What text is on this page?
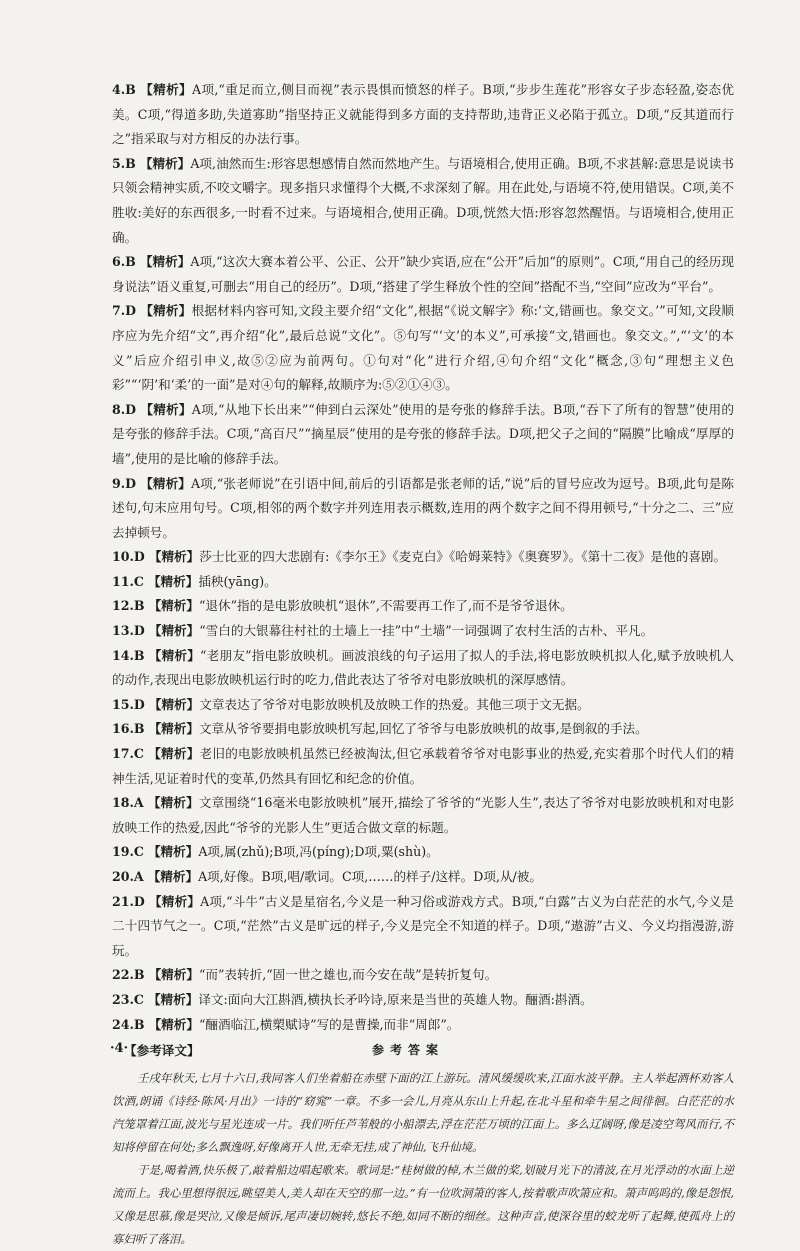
4.B 【精析】A项,“重足而立,侧目而视”表示畏惧而愤怒的样子。B项,“步步生莲花”形容女子步态轻盈,姿态优美。C项,“得道多助,失道寡助”指坚持正义就能得到多方面的支持帮助,违背正义必陷于孤立。D项,“反其道而行之”指采取与对方相反的办法行事。

5.B 【精析】A项,油然而生:形容思想感情自然而然地产生。与语境相合,使用正确。B项,不求甚解:意思是说读书只领会精神实质,不咬文嚼字。现多指只求懂得个大概,不求深刻了解。用在此处,与语境不符,使用错误。C项,美不胜收:美好的东西很多,一时看不过来。与语境相合,使用正确。D项,恍然大悟:形容忽然醒悟。与语境相合,使用正确。

6.B 【精析】A项,“这次大赛本着公平、公正、公开”缺少宾语,应在“公开”后加“的原则”。C项,“用自己的经历现身说法”语义重复,可删去“用自己的经历”。D项,“搭建了学生释放个性的空间”搭配不当,“空间”应改为“平台”。

7.D 【精析】根据材料内容可知,文段主要介绍“文化”,根据“《说文解字》称:‘文,错画也。象交文。’”可知,文段顺序应为先介绍“文”,再介绍“化”,最后总说“文化”。⑤句写“‘文’的本义”,可承接“文,错画也。象交文。”,“‘文’的本义”后应介绍引申义,故⑤②应为前两句。①句对“化”进行介绍,④句介绍“文化”概念,③句“理想主义色彩”“‘阴’和‘柔’的一面”是对④句的解释,故顺序为:⑤②①④③。

8.D 【精析】A项,“从地下长出来”“伸到白云深处”使用的是夸张的修辞手法。B项,“吞下了所有的智慧”使用的是夸张的修辞手法。C项,“高百尺”“摘星辰”使用的是夸张的修辞手法。D项,把父子之间的“隔膜”比喻成“厚厚的墙”,使用的是比喻的修辞手法。

9.D 【精析】A项,“张老师说”在引语中间,前后的引语都是张老师的话,“说”后的冒号应改为逗号。B项,此句是陈述句,句末应用句号。C项,相邻的两个数字并列连用表示概数,连用的两个数字之间不得用顿号,“十分之二、三”应去掉顿号。

10.D 【精析】莎士比亚的四大悲剧有:《李尔王》《麦克白》《哈姆莱特》《奥赛罗》。《第十二夜》是他的喜剧。

11.C 【精析】插秧(yāng)。

12.B 【精析】“退休”指的是电影放映机“退休”,不需要再工作了,而不是爷爷退休。

13.D 【精析】“雪白的大银幕往村社的土墙上一挂”中“土墙”一词强调了农村生活的古朴、平凡。

14.B 【精析】“老朋友”指电影放映机。画波浪线的句子运用了拟人的手法,将电影放映机拟人化,赋予放映机人的动作,表现出电影放映机运行时的吃力,借此表达了爷爷对电影放映机的深厚感情。

15.D 【精析】文章表达了爷爷对电影放映机及放映工作的热爱。其他三项于文无据。

16.B 【精析】文章从爷爷要捐电影放映机写起,回忆了爷爷与电影放映机的故事,是倒叙的手法。

17.C 【精析】老旧的电影放映机虽然已经被淘汰,但它承载着爷爷对电影事业的热爱,充实着那个时代人们的精神生活,见证着时代的变革,仍然具有回忆和纪念的价值。

18.A 【精析】文章围绕“16毫米电影放映机”展开,描绘了爷爷的“光影人生”,表达了爷爷对电影放映机和对电影放映工作的热爱,因此“爷爷的光影人生”更适合做文章的标题。

19.C 【精析】A项,属(zhǔ);B项,冯(píng);D项,粟(shù)。

20.A 【精析】A项,好像。B项,唱/歌词。C项,……的样子/这样。D项,从/被。

21.D 【精析】A项,“斗牛”古义是星宿名,今义是一种习俗或游戏方式。B项,“白露”古义为白茫茫的水气,今义是二十四节气之一。C项,“茫然”古义是旷远的样子,今义是完全不知道的样子。D项,“遨游”古义、今义均指漫游,游玩。

22.B 【精析】“而”表转折,“固一世之雄也,而今安在哉”是转折复句。

23.C 【精析】译文:面向大江斟酒,横执长矛吟诗,原来是当世的英雄人物。酾酒:斟酒。

24.B 【精析】“酾酒临江,横槊赋诗”写的是曹操,而非“周郎”。

【参考译文】

壬戌年秋天,七月十六日,我同客人们坐着船在赤壁下面的江上游玩。清风缓缓吹来,江面水波平静。主人举起酒杯劝客人饮酒,朗诵《诗经·陈风·月出》一诗的“窈窕”一章。不多一会儿,月亮从东山上升起,在北斗星和牵牛星之间徘徊。白茫茫的水汽笼罩着江面,波光与星光连成一片。我们听任芦苇般的小船漂去,浮在茫茫万顷的江面上。多么辽阔呀,像是凌空驾风而行,不知将停留在何处;多么飘逸呀,好像离开人世,无牵无挂,成了神仙,飞升仙境。

于是,喝着酒,快乐极了,敲着船边唱起歌来。歌词是:“桂树做的棹,木兰做的桨,划破月光下的清波,在月光浮动的水面上逆流而上。我心里想得很远,眺望美人,美人却在天空的那一边。”有一位吹洞箫的客人,按着歌声吹箫应和。箫声呜呜的,像是怨恨,又像是思慕,像是哭泣,又像是倾诉,尾声凄切婉转,悠长不绝,如同不断的细丝。这种声音,使深谷里的蛟龙听了起舞,使孤舟上的寡妇听了落泪。

·4·	参考答案
